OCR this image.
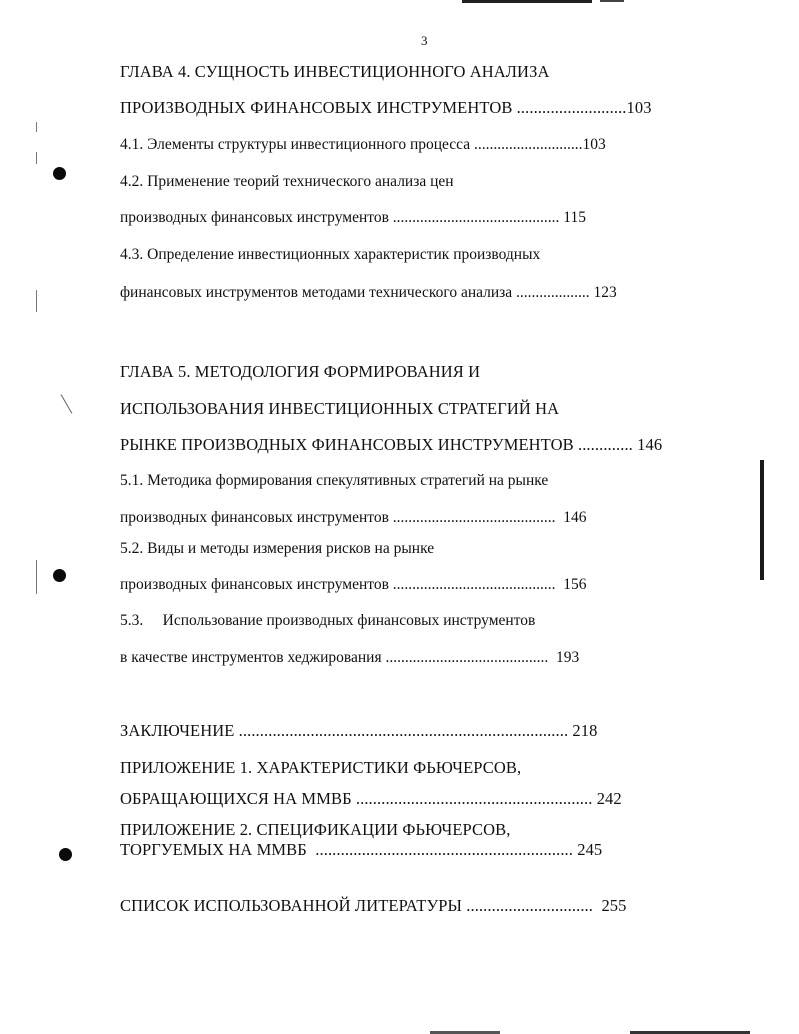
3
ГЛАВА 4. СУЩНОСТЬ ИНВЕСТИЦИОННОГО АНАЛИЗА
ПРОИЗВОДНЫХ ФИНАНСОВЫХ ИНСТРУМЕНТОВ ..........................103
4.1. Элементы структуры инвестиционного процесса ............................103
4.2. Применение теорий технического анализа цен
производных финансовых инструментов ........................................... 115
4.3. Определение инвестиционных характеристик производных
финансовых инструментов методами технического анализа ................... 123
ГЛАВА 5. МЕТОДОЛОГИЯ ФОРМИРОВАНИЯ И
ИСПОЛЬЗОВАНИЯ ИНВЕСТИЦИОННЫХ СТРАТЕГИЙ НА
РЫНКЕ ПРОИЗВОДНЫХ ФИНАНСОВЫХ ИНСТРУМЕНТОВ ............. 146
5.1. Методика формирования спекулятивных стратегий на рынке
производных финансовых инструментов ..........................................  146
5.2. Виды и методы измерения рисков на рынке
производных финансовых инструментов ..........................................  156
5.3.     Использование производных финансовых инструментов
в качестве инструментов хеджирования ..........................................  193
ЗАКЛЮЧЕНИЕ .............................................................................. 218
ПРИЛОЖЕНИЕ 1. ХАРАКТЕРИСТИКИ ФЬЮЧЕРСОВ,
ОБРАЩАЮЩИХСЯ НА ММВБ ........................................................ 242
ПРИЛОЖЕНИЕ 2. СПЕЦИФИКАЦИИ ФЬЮЧЕРСОВ,
ТОРГУЕМЫХ НА ММВБ  ............................................................. 245
СПИСОК ИСПОЛЬЗОВАННОЙ ЛИТЕРАТУРЫ ..............................  255
